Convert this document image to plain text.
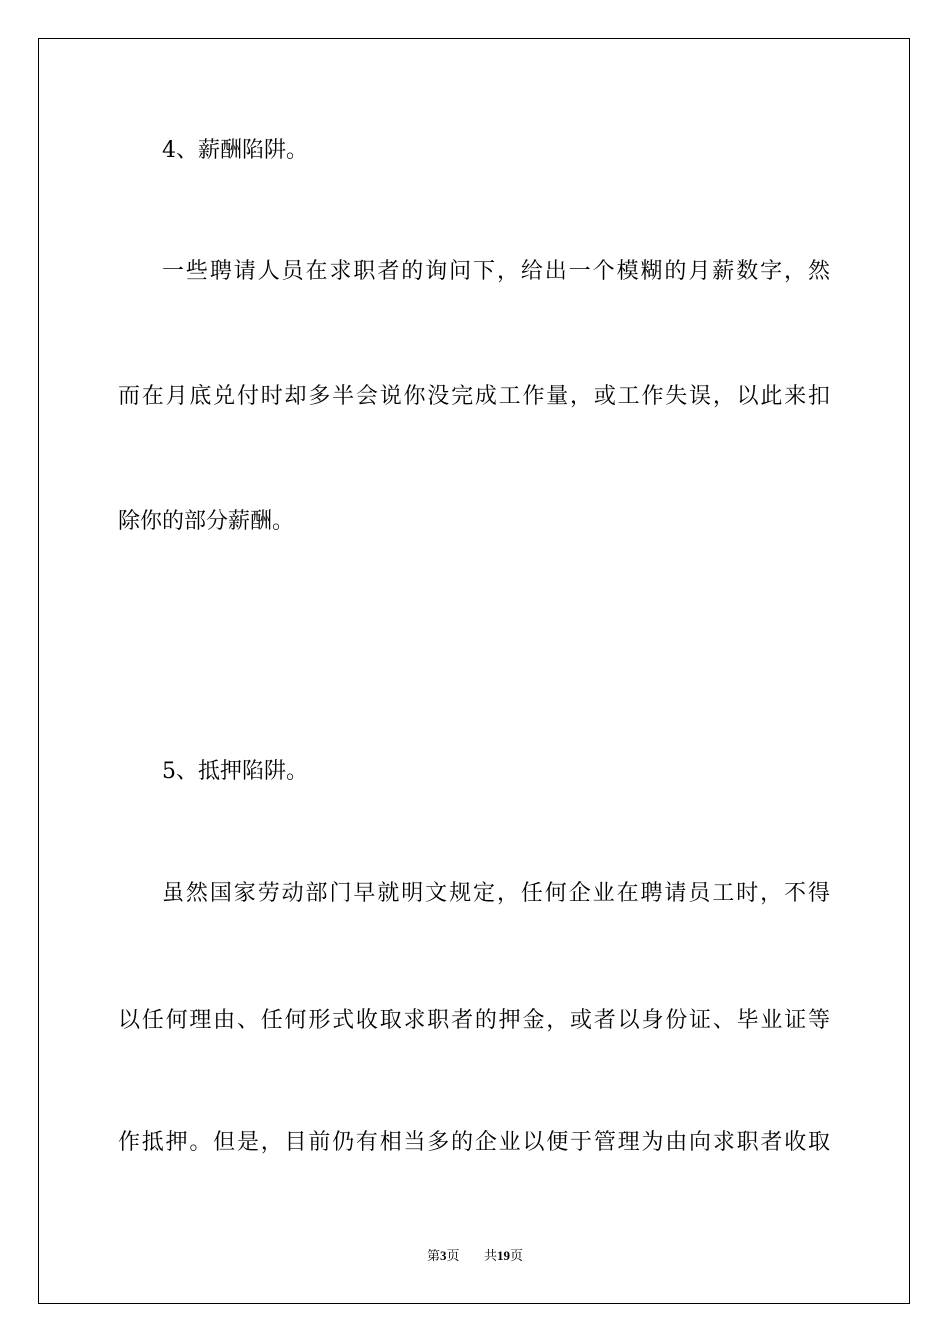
4、薪酬陷阱。
一些聘请人员在求职者的询问下，给出一个模糊的月薪数字，然
而在月底兑付时却多半会说你没完成工作量，或工作失误，以此来扣
除你的部分薪酬。
5、抵押陷阱。
虽然国家劳动部门早就明文规定，任何企业在聘请员工时，不得
以任何理由、任何形式收取求职者的押金，或者以身份证、毕业证等
作抵押。但是，目前仍有相当多的企业以便于管理为由向求职者收取
第3页 共19页
